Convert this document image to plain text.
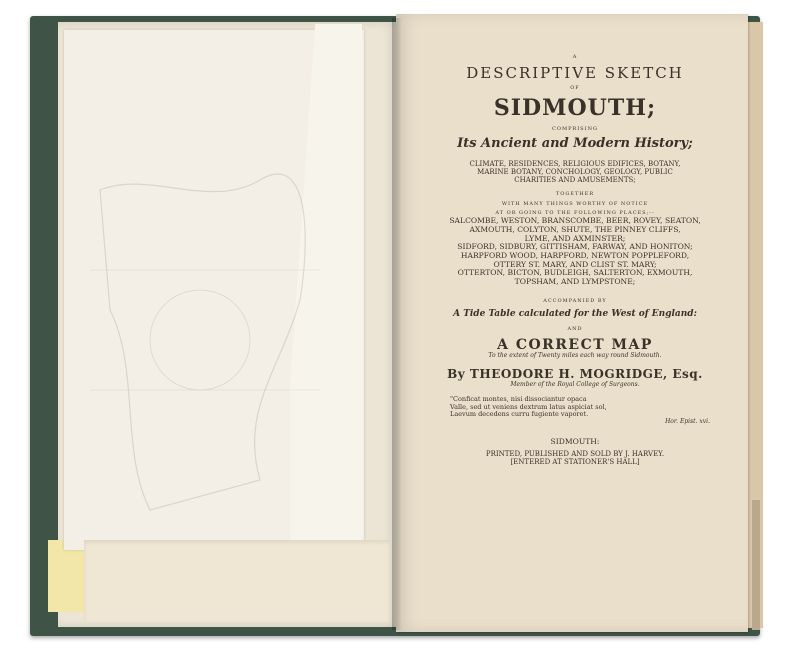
A
DESCRIPTIVE SKETCH
OF
SIDMOUTH;
COMPRISING
Its Ancient and Modern History;
CLIMATE, RESIDENCES, RELIGIOUS EDIFICES, BOTANY,
MARINE BOTANY, CONCHOLOGY, GEOLOGY, PUBLIC
CHARITIES AND AMUSEMENTS;
TOGETHER
WITH MANY THINGS WORTHY OF NOTICE
AT OR GOING TO THE FOLLOWING PLACES;--
SALCOMBE, WESTON, BRANSCOMBE, BEER, ROVEY, SEATON,
AXMOUTH, COLYTON, SHUTE, THE PINNEY CLIFFS,
LYME, AND AXMINSTER;
SIDFORD, SIDBURY, GITTISHAM, FARWAY, AND HONITON;
HARPFORD WOOD, HARPFORD, NEWTON POPPLEFORD,
OTTERY ST. MARY, AND CLIST ST. MARY;
OTTERTON, BICTON, BUDLEIGH, SALTERTON, EXMOUTH,
TOPSHAM, AND LYMPSTONE;
ACCOMPANIED BY
A Tide Table calculated for the West of England:
AND
A CORRECT MAP
To the extent of Twenty miles each way round Sidmouth.
By THEODORE H. MOGRIDGE, Esq.
Member of the Royal College of Surgeons.
"Conficat montes, nisi dissociantur opaca
Valle, sed ut veniens dextrum latus aspiciat sol,
Laevum decedens curru fugiente vaporet.
Hor. Epist. xvi.
SIDMOUTH:
PRINTED, PUBLISHED AND SOLD BY J. HARVEY.
[ENTERED AT STATIONER'S HALL]
